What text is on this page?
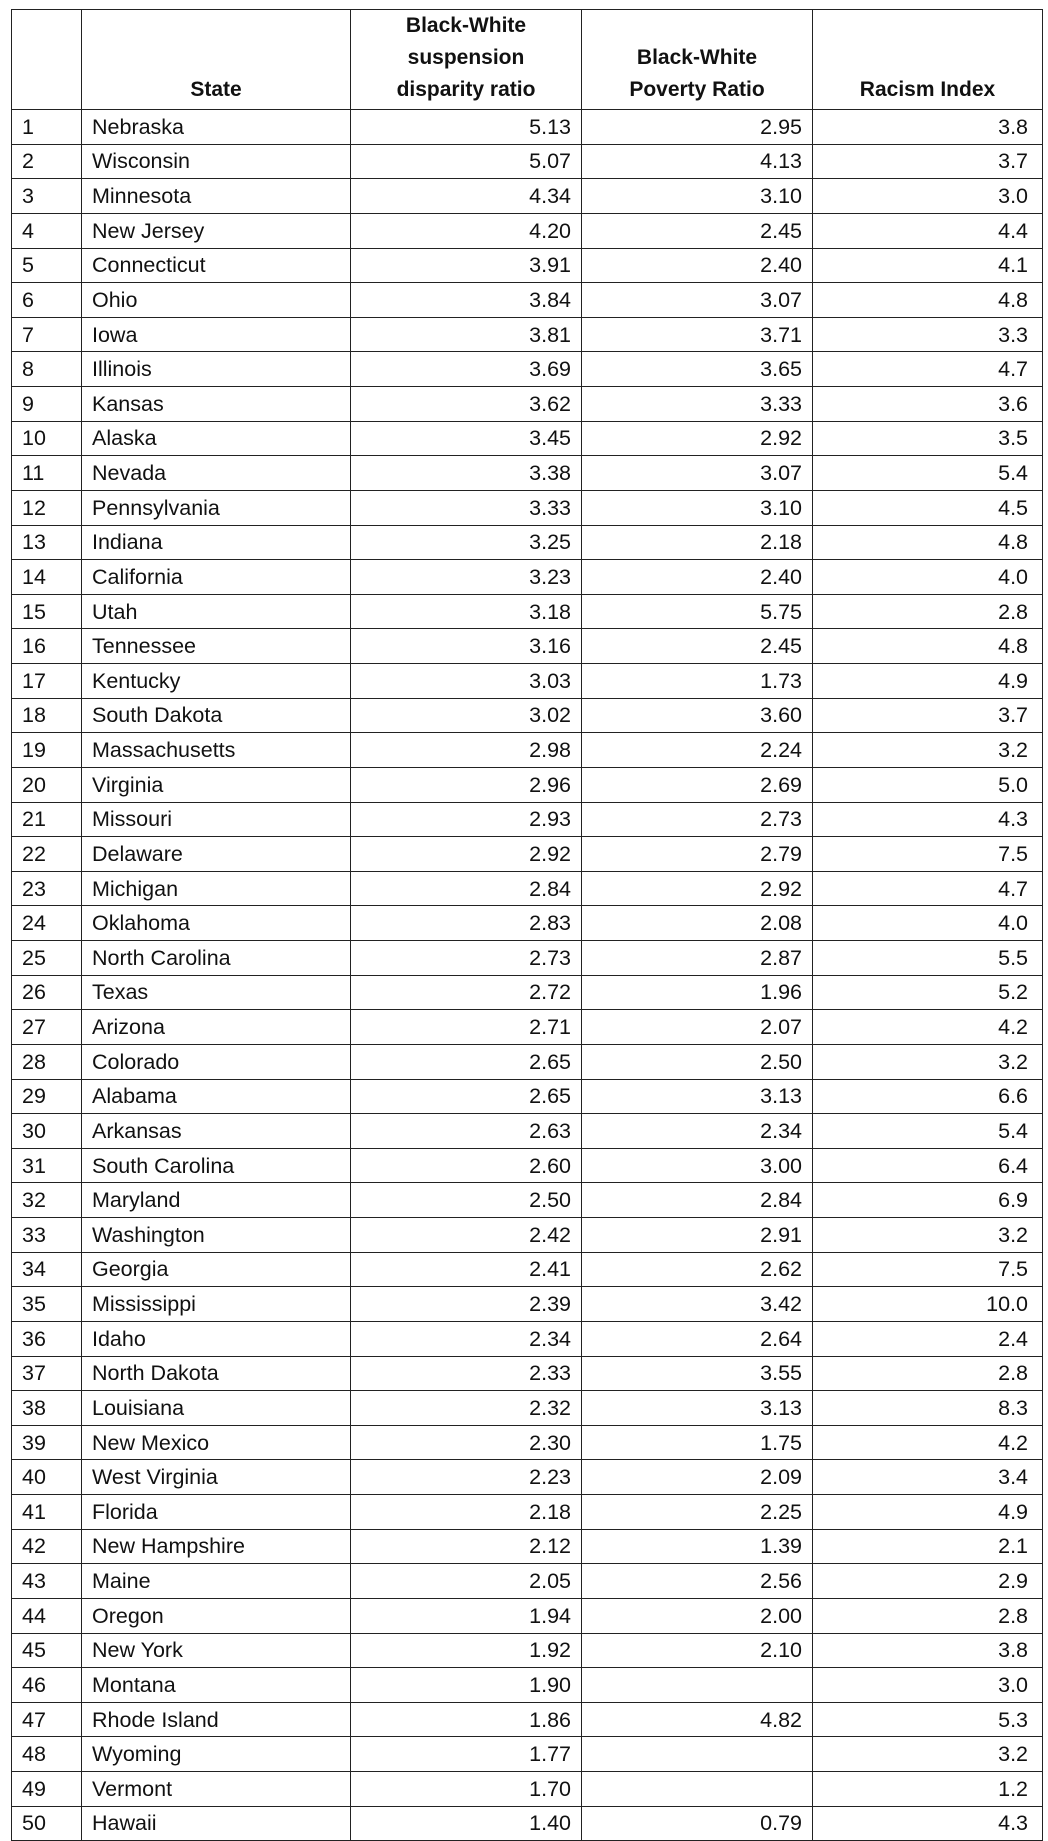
	State	Black-White suspension disparity ratio	Black-White Poverty Ratio	Racism Index
1	Nebraska	5.13	2.95	3.8
2	Wisconsin	5.07	4.13	3.7
3	Minnesota	4.34	3.10	3.0
4	New Jersey	4.20	2.45	4.4
5	Connecticut	3.91	2.40	4.1
6	Ohio	3.84	3.07	4.8
7	Iowa	3.81	3.71	3.3
8	Illinois	3.69	3.65	4.7
9	Kansas	3.62	3.33	3.6
10	Alaska	3.45	2.92	3.5
11	Nevada	3.38	3.07	5.4
12	Pennsylvania	3.33	3.10	4.5
13	Indiana	3.25	2.18	4.8
14	California	3.23	2.40	4.0
15	Utah	3.18	5.75	2.8
16	Tennessee	3.16	2.45	4.8
17	Kentucky	3.03	1.73	4.9
18	South Dakota	3.02	3.60	3.7
19	Massachusetts	2.98	2.24	3.2
20	Virginia	2.96	2.69	5.0
21	Missouri	2.93	2.73	4.3
22	Delaware	2.92	2.79	7.5
23	Michigan	2.84	2.92	4.7
24	Oklahoma	2.83	2.08	4.0
25	North Carolina	2.73	2.87	5.5
26	Texas	2.72	1.96	5.2
27	Arizona	2.71	2.07	4.2
28	Colorado	2.65	2.50	3.2
29	Alabama	2.65	3.13	6.6
30	Arkansas	2.63	2.34	5.4
31	South Carolina	2.60	3.00	6.4
32	Maryland	2.50	2.84	6.9
33	Washington	2.42	2.91	3.2
34	Georgia	2.41	2.62	7.5
35	Mississippi	2.39	3.42	10.0
36	Idaho	2.34	2.64	2.4
37	North Dakota	2.33	3.55	2.8
38	Louisiana	2.32	3.13	8.3
39	New Mexico	2.30	1.75	4.2
40	West Virginia	2.23	2.09	3.4
41	Florida	2.18	2.25	4.9
42	New Hampshire	2.12	1.39	2.1
43	Maine	2.05	2.56	2.9
44	Oregon	1.94	2.00	2.8
45	New York	1.92	2.10	3.8
46	Montana	1.90		3.0
47	Rhode Island	1.86	4.82	5.3
48	Wyoming	1.77		3.2
49	Vermont	1.70		1.2
50	Hawaii	1.40	0.79	4.3
